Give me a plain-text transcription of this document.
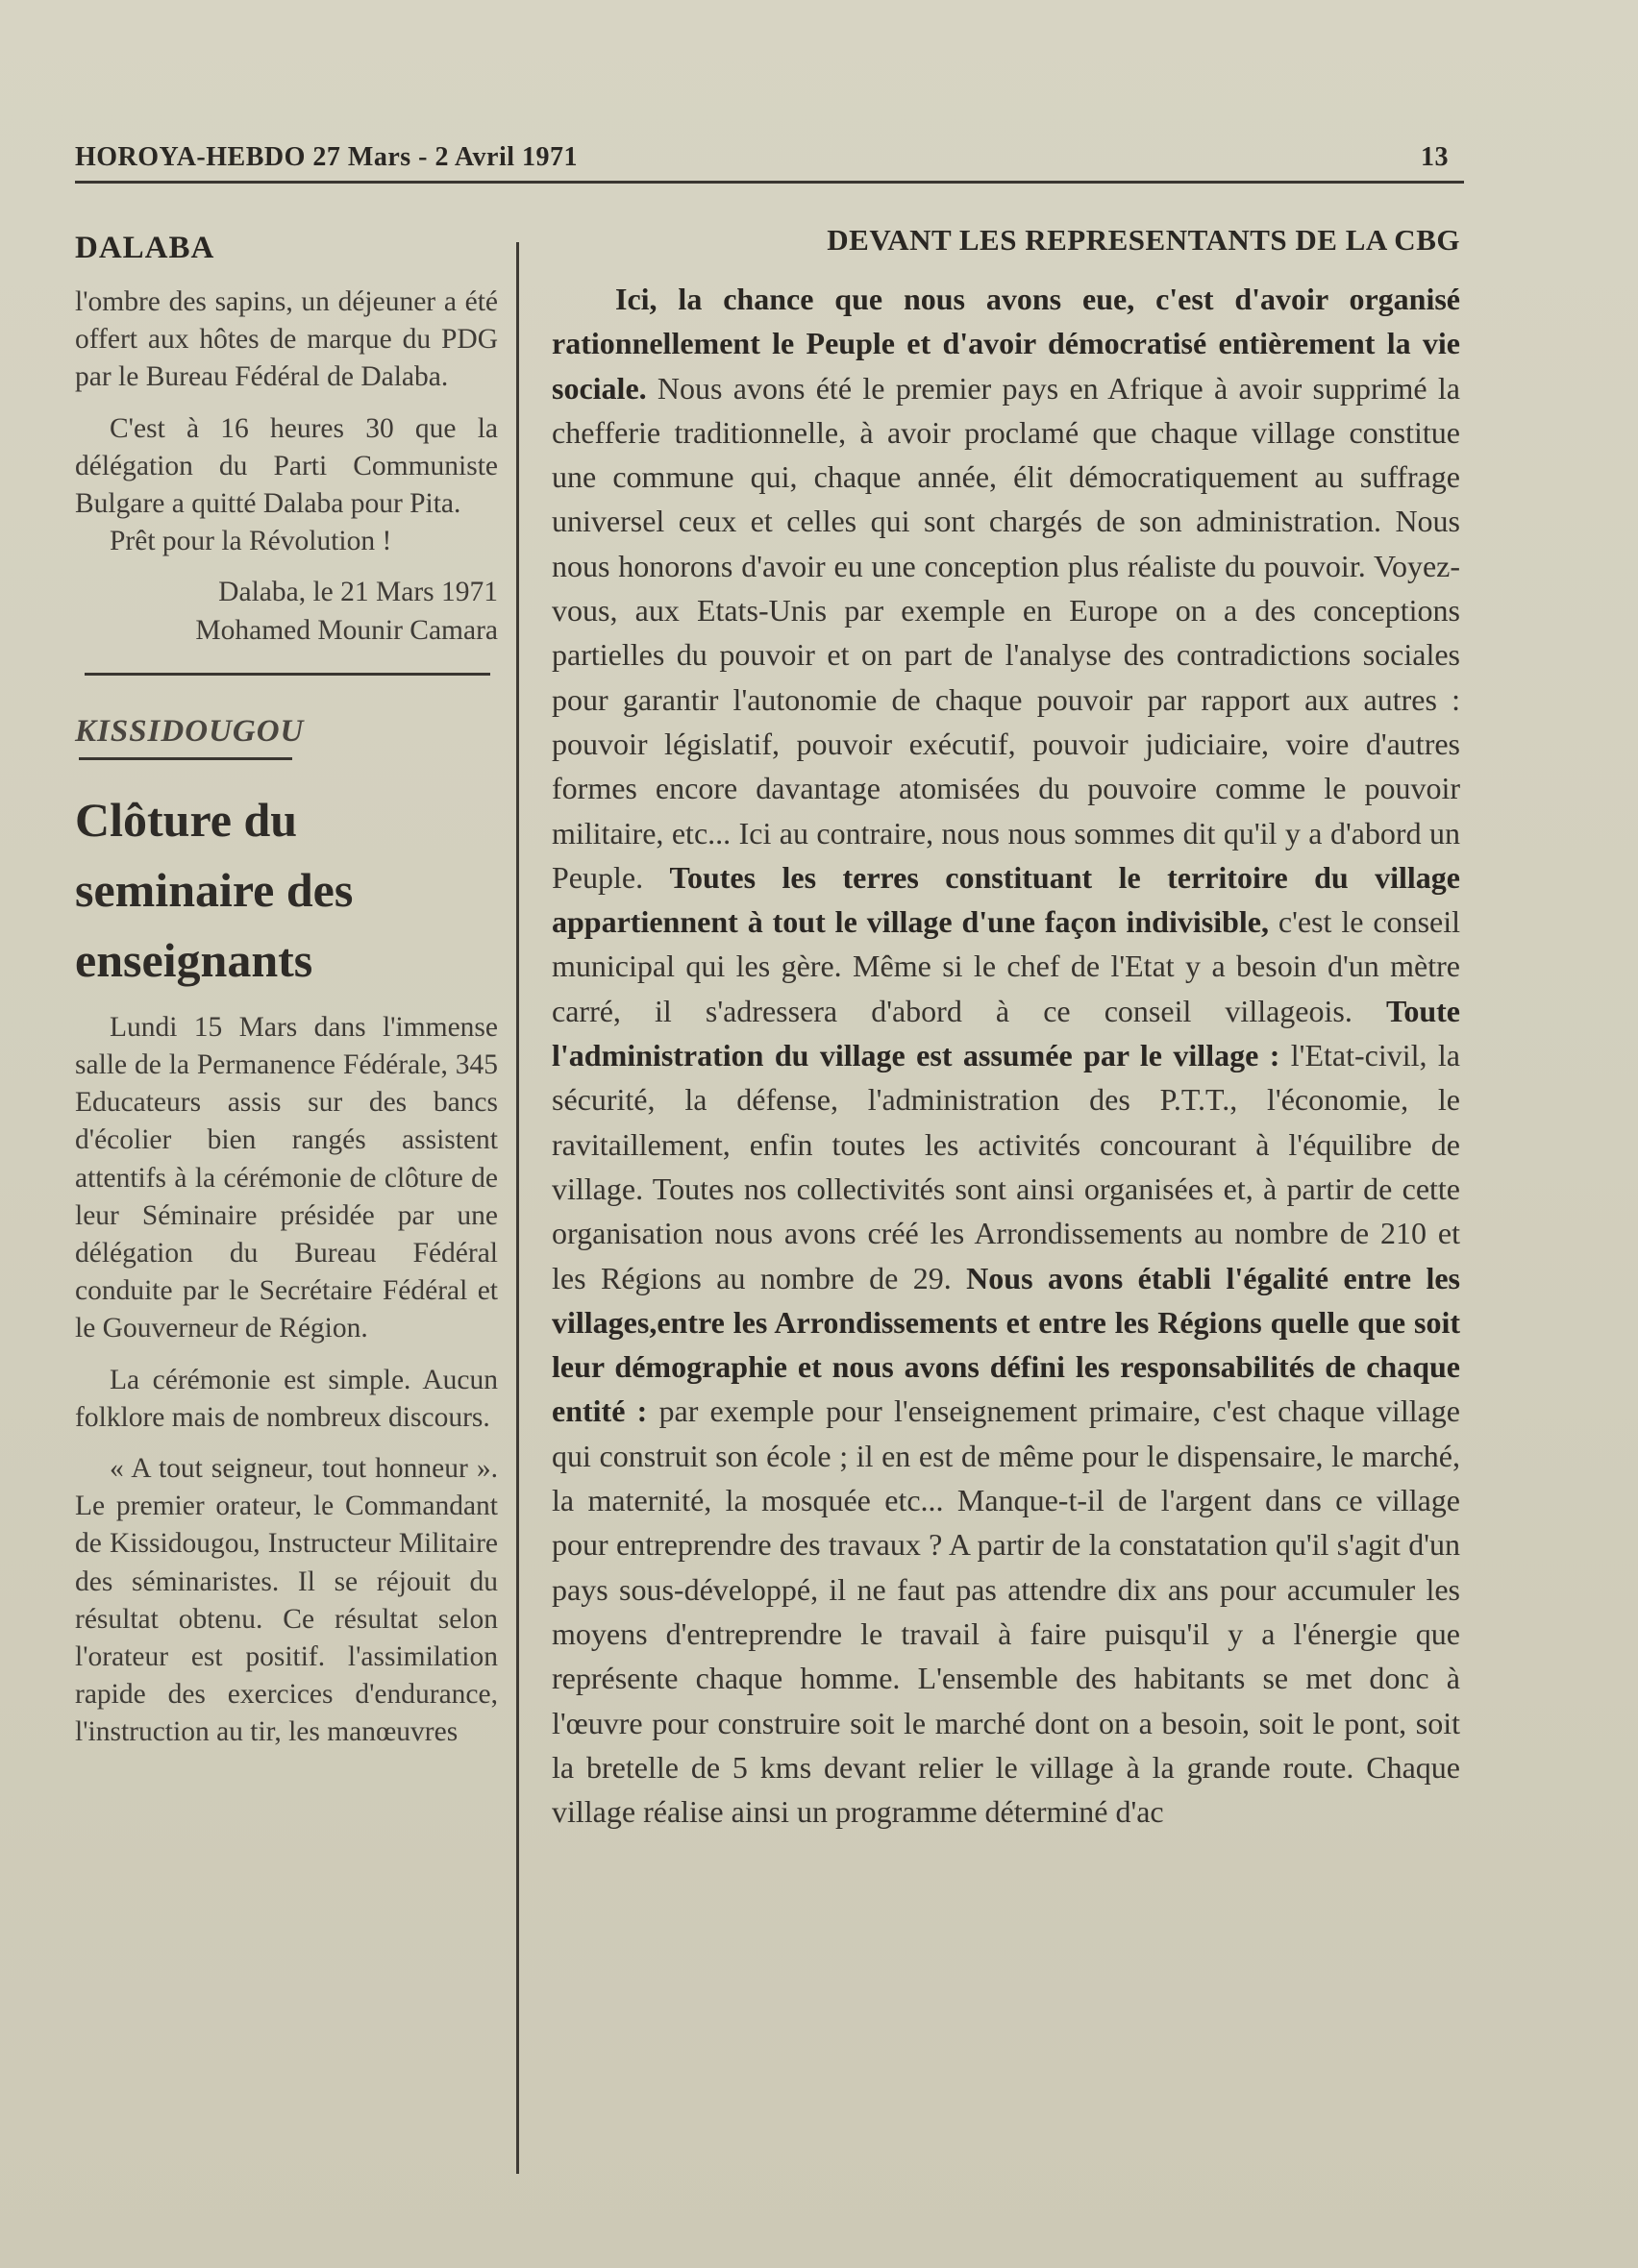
HOROYA-HEBDO 27 Mars - 2 Avril 1971	13
DALABA

l'ombre des sapins, un déjeuner a été offert aux hôtes de marque du PDG par le Bureau Fédéral de Dalaba.

C'est à 16 heures 30 que la délégation du Parti Communiste Bulgare a quitté Dalaba pour Pita.

Prêt pour la Révolution !

Dalaba, le 21 Mars 1971

Mohamed Mounir Camara

KISSIDOUGOU
Clôture du seminaire des enseignants

Lundi 15 Mars dans l'immense salle de la Permanence Fédérale, 345 Educateurs assis sur des bancs d'écolier bien rangés assistent attentifs à la cérémonie de clôture de leur Séminaire présidée par une délégation du Bureau Fédéral conduite par le Secrétaire Fédéral et le Gouverneur de Région.

La cérémonie est simple. Aucun folklore mais de nombreux discours.

« A tout seigneur, tout honneur ». Le premier orateur, le Commandant de Kissidougou, Instructeur Militaire des séminaristes. Il se réjouit du résultat obtenu. Ce résultat selon l'orateur est positif. l'assimilation rapide des exercices d'endurance, l'instruction au tir, les manœuvres

DEVANT LES REPRESENTANTS DE LA CBG

Ici, la chance que nous avons eue, c'est d'avoir organisé rationnellement le Peuple et d'avoir démocratisé entièrement la vie sociale. Nous avons été le premier pays en Afrique à avoir supprimé la chefferie traditionnelle, à avoir proclamé que chaque village constitue une commune qui, chaque année, élit démocratiquement au suffrage universel ceux et celles qui sont chargés de son administration. Nous nous honorons d'avoir eu une conception plus réaliste du pouvoir. Voyez-vous, aux Etats-Unis par exemple en Europe on a des conceptions partielles du pouvoir et on part de l'analyse des contradictions sociales pour garantir l'autonomie de chaque pouvoir par rapport aux autres : pouvoir législatif, pouvoir exécutif, pouvoir judiciaire, voire d'autres formes encore davantage atomisées du pouvoire comme le pouvoir militaire, etc... Ici au contraire, nous nous sommes dit qu'il y a d'abord un Peuple. Toutes les terres constituant le territoire du village appartiennent à tout le village d'une façon indivisible, c'est le conseil municipal qui les gère. Même si le chef de l'Etat y a besoin d'un mètre carré, il s'adressera d'abord à ce conseil villageois. Toute l'administration du village est assumée par le village : l'Etat-civil, la sécurité, la défense, l'administration des P.T.T., l'économie, le ravitaillement, enfin toutes les activités concourant à l'équilibre de village. Toutes nos collectivités sont ainsi organisées et, à partir de cette organisation nous avons créé les Arrondissements au nombre de 210 et les Régions au nombre de 29. Nous avons établi l'égalité entre les villages,entre les Arrondissements et entre les Régions quelle que soit leur démographie et nous avons défini les responsabilités de chaque entité : par exemple pour l'enseignement primaire, c'est chaque village qui construit son école ; il en est de même pour le dispensaire, le marché, la maternité, la mosquée etc... Manque-t-il de l'argent dans ce village pour entreprendre des travaux ? A partir de la constatation qu'il s'agit d'un pays sous-développé, il ne faut pas attendre dix ans pour accumuler les moyens d'entreprendre le travail à faire puisqu'il y a l'énergie que représente chaque homme. L'ensemble des habitants se met donc à l'œuvre pour construire soit le marché dont on a besoin, soit le pont, soit la bretelle de 5 kms devant relier le village à la grande route. Chaque village réalise ainsi un programme déterminé d'ac
